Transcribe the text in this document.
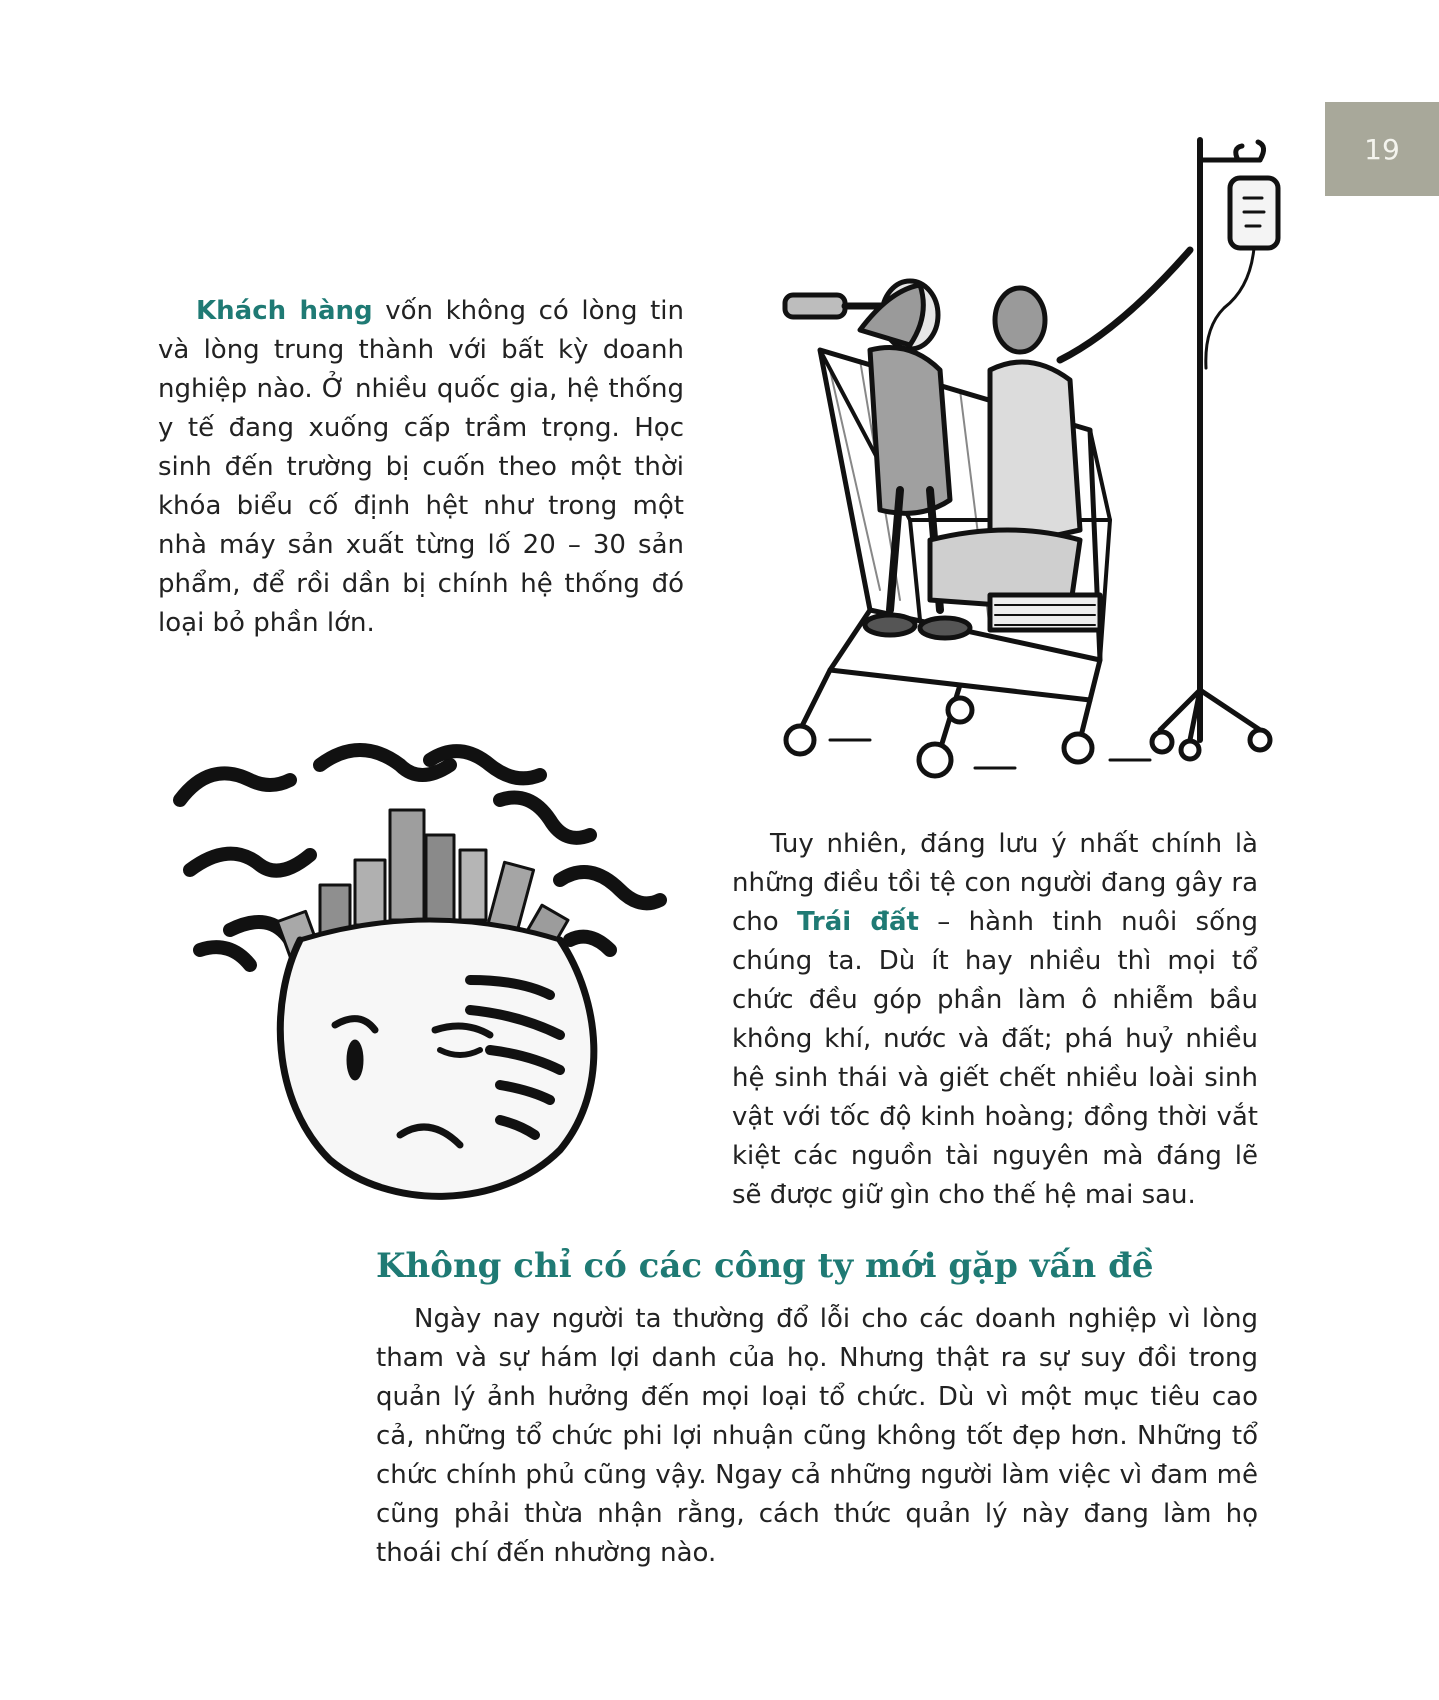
19

Khách hàng vốn không có lòng tin và lòng trung thành với bất kỳ doanh nghiệp nào. Ở nhiều quốc gia, hệ thống y tế đang xuống cấp trầm trọng. Học sinh đến trường bị cuốn theo một thời khóa biểu cố định hệt như trong một nhà máy sản xuất từng lố 20 – 30 sản phẩm, để rồi dần bị chính hệ thống đó loại bỏ phần lớn.

Tuy nhiên, đáng lưu ý nhất chính là những điều tồi tệ con người đang gây ra cho Trái đất – hành tinh nuôi sống chúng ta. Dù ít hay nhiều thì mọi tổ chức đều góp phần làm ô nhiễm bầu không khí, nước và đất; phá huỷ nhiều hệ sinh thái và giết chết nhiều loài sinh vật với tốc độ kinh hoàng; đồng thời vắt kiệt các nguồn tài nguyên mà đáng lẽ sẽ được giữ gìn cho thế hệ mai sau.

Không chỉ có các công ty mới gặp vấn đề

Ngày nay người ta thường đổ lỗi cho các doanh nghiệp vì lòng tham và sự hám lợi danh của họ. Nhưng thật ra sự suy đồi trong quản lý ảnh hưởng đến mọi loại tổ chức. Dù vì một mục tiêu cao cả, những tổ chức phi lợi nhuận cũng không tốt đẹp hơn. Những tổ chức chính phủ cũng vậy. Ngay cả những người làm việc vì đam mê cũng phải thừa nhận rằng, cách thức quản lý này đang làm họ thoái chí đến nhường nào.
